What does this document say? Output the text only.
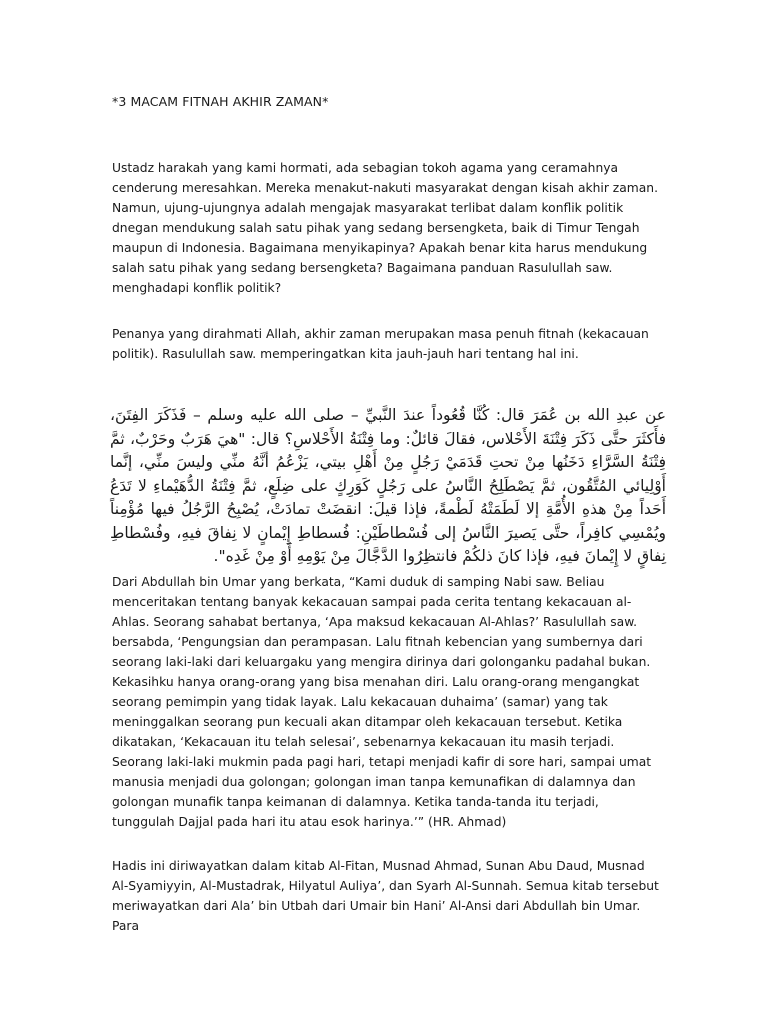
*3 MACAM FITNAH AKHIR ZAMAN*

Ustadz harakah yang kami hormati, ada sebagian tokoh agama yang ceramahnya cenderung meresahkan. Mereka menakut-nakuti masyarakat dengan kisah akhir zaman. Namun, ujung-ujungnya adalah mengajak masyarakat terlibat dalam konflik politik dnegan mendukung salah satu pihak yang sedang bersengketa, baik di Timur Tengah maupun di Indonesia. Bagaimana menyikapinya? Apakah benar kita harus mendukung salah satu pihak yang sedang bersengketa? Bagaimana panduan Rasulullah saw. menghadapi konflik politik?

Penanya yang dirahmati Allah, akhir zaman merupakan masa penuh fitnah (kekacauan politik). Rasulullah saw. memperingatkan kita jauh-jauh hari tentang hal ini.

عن عبدِ الله بن عُمَرَ قال: كُنَّا قُعُوداً عندَ النَّبيِّ – صلى الله عليه وسلم – فَذَكَرَ الفِتَنَ، فأَكثَرَ حتَّى ذَكَرَ فِتْنَةَ الأَحْلاس، فقالَ قائلٌ: وما فِتْنَةُ الأَحْلاسِ؟ قال: "هيَ هَرَبٌ وحَرْبٌ، ثمَّ فِتْنَةُ السَّرَّاءِ دَخَنُها مِنْ تحتِ قَدَمَيْ رَجُلٍ مِنْ أَهْلِ بيتي، يَزْعُمُ أنَّهُ منِّي وليسَ منِّي، إنَّما أَوْلِيائي المُتَّقُون، ثمَّ يَصْطَلِحُ النَّاسُ على رَجُلٍ كَوَرِكٍ على ضِلَعٍ، ثمَّ فِتْنَةُ الدُّهَيْماءِ لا تَدَعُ أَحَداً مِنْ هذهِ الأُمَّةِ إلا لَطَمَتْهُ لَطْمةً، فإذا قيلَ: انقضَتْ تمادَتْ، يُصْبِحُ الرَّجُلُ فيها مُؤْمِناً ويُمْسِي كافِراً، حتَّى يَصيرَ النَّاسُ إلى فُسْطاطَيْنِ: فُسطاطِ إِيْمانٍ لا نِفاقَ فيهِ، وفُسْطاطِ نِفاقٍ لا إِيْمانَ فيهِ، فإذا كانَ ذلكُمْ فانتظِرُوا الدَّجَّالَ مِنْ يَوْمِهِ أَوْ مِنْ غَدِه".

Dari Abdullah bin Umar yang berkata, “Kami duduk di samping Nabi saw. Beliau menceritakan tentang banyak kekacauan sampai pada cerita tentang kekacauan al-Ahlas. Seorang sahabat bertanya, ‘Apa maksud kekacauan Al-Ahlas?’ Rasulullah saw. bersabda, ‘Pengungsian dan perampasan. Lalu fitnah kebencian yang sumbernya dari seorang laki-laki dari keluargaku yang mengira dirinya dari golonganku padahal bukan. Kekasihku hanya orang-orang yang bisa menahan diri. Lalu orang-orang mengangkat seorang pemimpin yang tidak layak. Lalu kekacauan duhaima’ (samar) yang tak meninggalkan seorang pun kecuali akan ditampar oleh kekacauan tersebut. Ketika dikatakan, ‘Kekacauan itu telah selesai’, sebenarnya kekacauan itu masih terjadi. Seorang laki-laki mukmin pada pagi hari, tetapi menjadi kafir di sore hari, sampai umat manusia menjadi dua golongan; golongan iman tanpa kemunafikan di dalamnya dan golongan munafik tanpa keimanan di dalamnya. Ketika tanda-tanda itu terjadi, tunggulah Dajjal pada hari itu atau esok harinya.’” (HR. Ahmad)

Hadis ini diriwayatkan dalam kitab Al-Fitan, Musnad Ahmad, Sunan Abu Daud, Musnad Al-Syamiyyin, Al-Mustadrak, Hilyatul Auliya’, dan Syarh Al-Sunnah. Semua kitab tersebut meriwayatkan dari Ala’ bin Utbah dari Umair bin Hani’ Al-Ansi dari Abdullah bin Umar. Para
